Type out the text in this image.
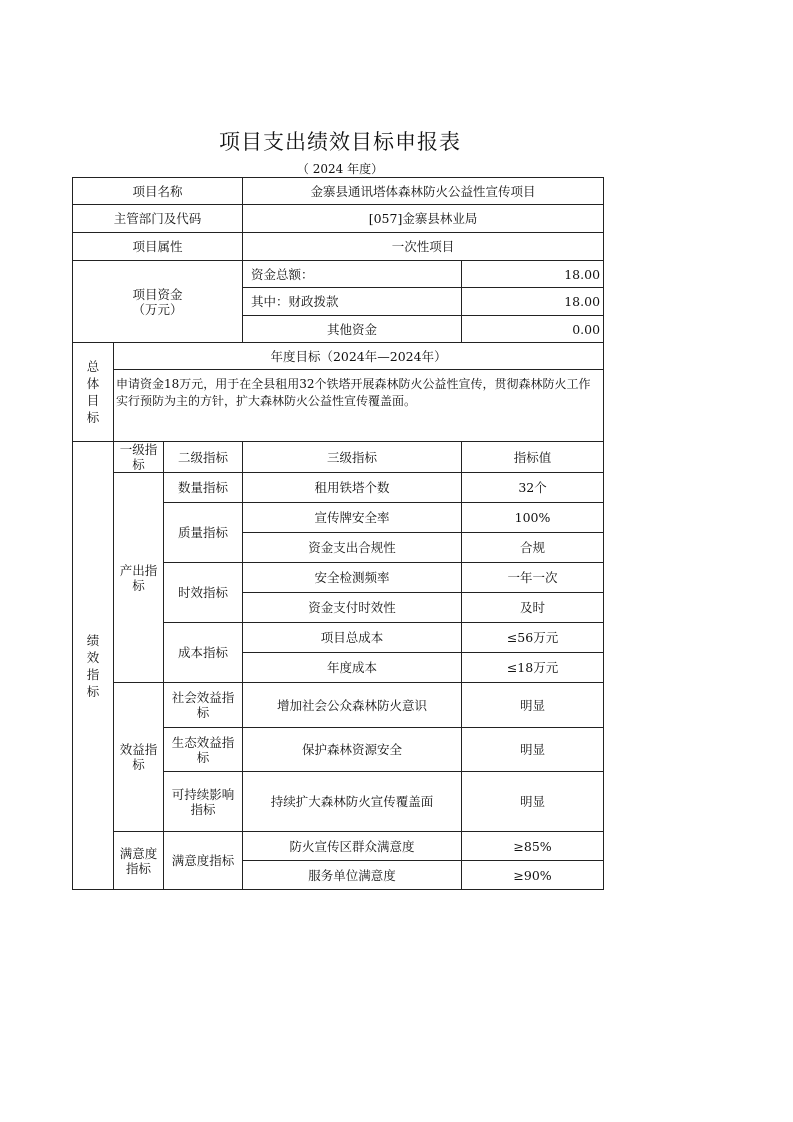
项目支出绩效目标申报表
（ 2024 年度）
项目名称			金寨县通讯塔体森林防火公益性宣传项目	
主管部门及代码			[057]金寨县林业局	
项目属性			一次性项目	

项目资金
（万元）			资金总额：	18.00
			其中：财政拨款	18.00
			其他资金	0.00
总体目标	年度目标（2024年—2024年）			
	申请资金18万元，用于在全县租用32个铁塔开展森林防火公益性宣传，贯彻森林防火工作实行预防为主的方针，扩大森林防火公益性宣传覆盖面。			
绩效指标	一级指标	二级指标	三级指标	指标值
	产出指标	数量指标	租用铁塔个数	32个
		质量指标	宣传牌安全率	100%
			资金支出合规性	合规
		时效指标	安全检测频率	一年一次
			资金支付时效性	及时
		成本指标	项目总成本	≤56万元
			年度成本	≤18万元
	效益指标	社会效益指标	增加社会公众森林防火意识	明显
		生态效益指标	保护森林资源安全	明显
		可持续影响指标	持续扩大森林防火宣传覆盖面	明显
	满意度指标	满意度指标	防火宣传区群众满意度	≥85%
			服务单位满意度	≥90%
